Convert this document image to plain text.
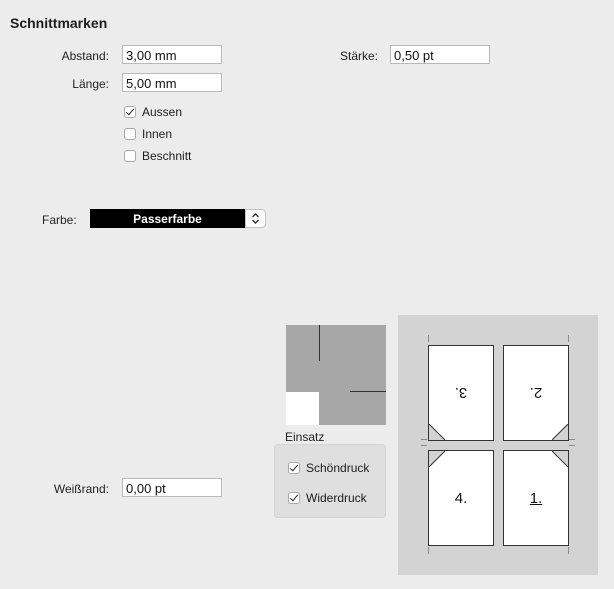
Schnittmarken
Abstand:	3,00 mm
Länge:	5,00 mm
Stärke:	0,50 pt
Aussen
Innen
Beschnitt
Farbe:	Passerfarbe
Einsatz
Schöndruck
Widerdruck
Weißrand:	0,00 pt
3.	2.
4.	1.
